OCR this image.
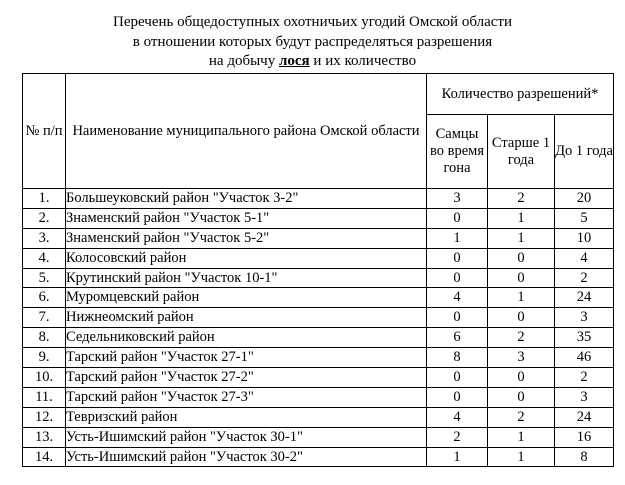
Перечень общедоступных охотничьих угодий Омской области
в отношении которых будут распределяться разрешения
на добычу лося и их количество
№ п/п	Наименование муниципального района Омской области	Количество разрешений*		
		Самцы во время гона	Старше 1 года	До 1 года
1.	Большеуковский район "Участок 3-2"	3	2	20
2.	Знаменский район "Участок 5-1"	0	1	5
3.	Знаменский район "Участок 5-2"	1	1	10
4.	Колосовский район	0	0	4
5.	Крутинский район "Участок 10-1"	0	0	2
6.	Муромцевский район	4	1	24
7.	Нижнеомский район	0	0	3
8.	Седельниковский район	6	2	35
9.	Тарский район "Участок 27-1"	8	3	46
10.	Тарский район "Участок 27-2"	0	0	2
11.	Тарский район "Участок 27-3"	0	0	3
12.	Тевризский район	4	2	24
13.	Усть-Ишимский район "Участок 30-1"	2	1	16
14.	Усть-Ишимский район "Участок 30-2"	1	1	8
